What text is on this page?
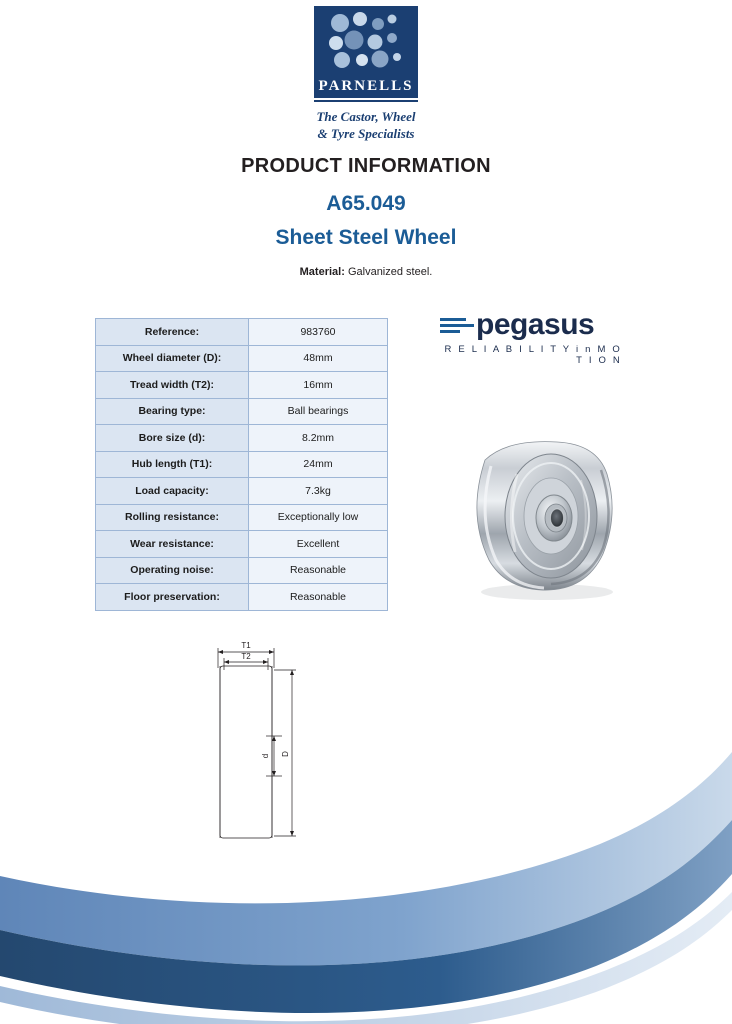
PARNELLS
The Castor, Wheel
& Tyre Specialists
PRODUCT INFORMATION
A65.049
Sheet Steel Wheel
Material: Galvanized steel.
Reference:	983760
Wheel diameter (D):	48mm
Tread width (T2):	16mm
Bearing type:	Ball bearings
Bore size (d):	8.2mm
Hub length (T1):	24mm
Load capacity:	7.3kg
Rolling resistance:	Exceptionally low
Wear resistance:	Excellent
Operating noise:	Reasonable
Floor preservation:	Reasonable
pegasus
R E L I A B I L I T Y i n M O T I O N
T1
T2
D
d
